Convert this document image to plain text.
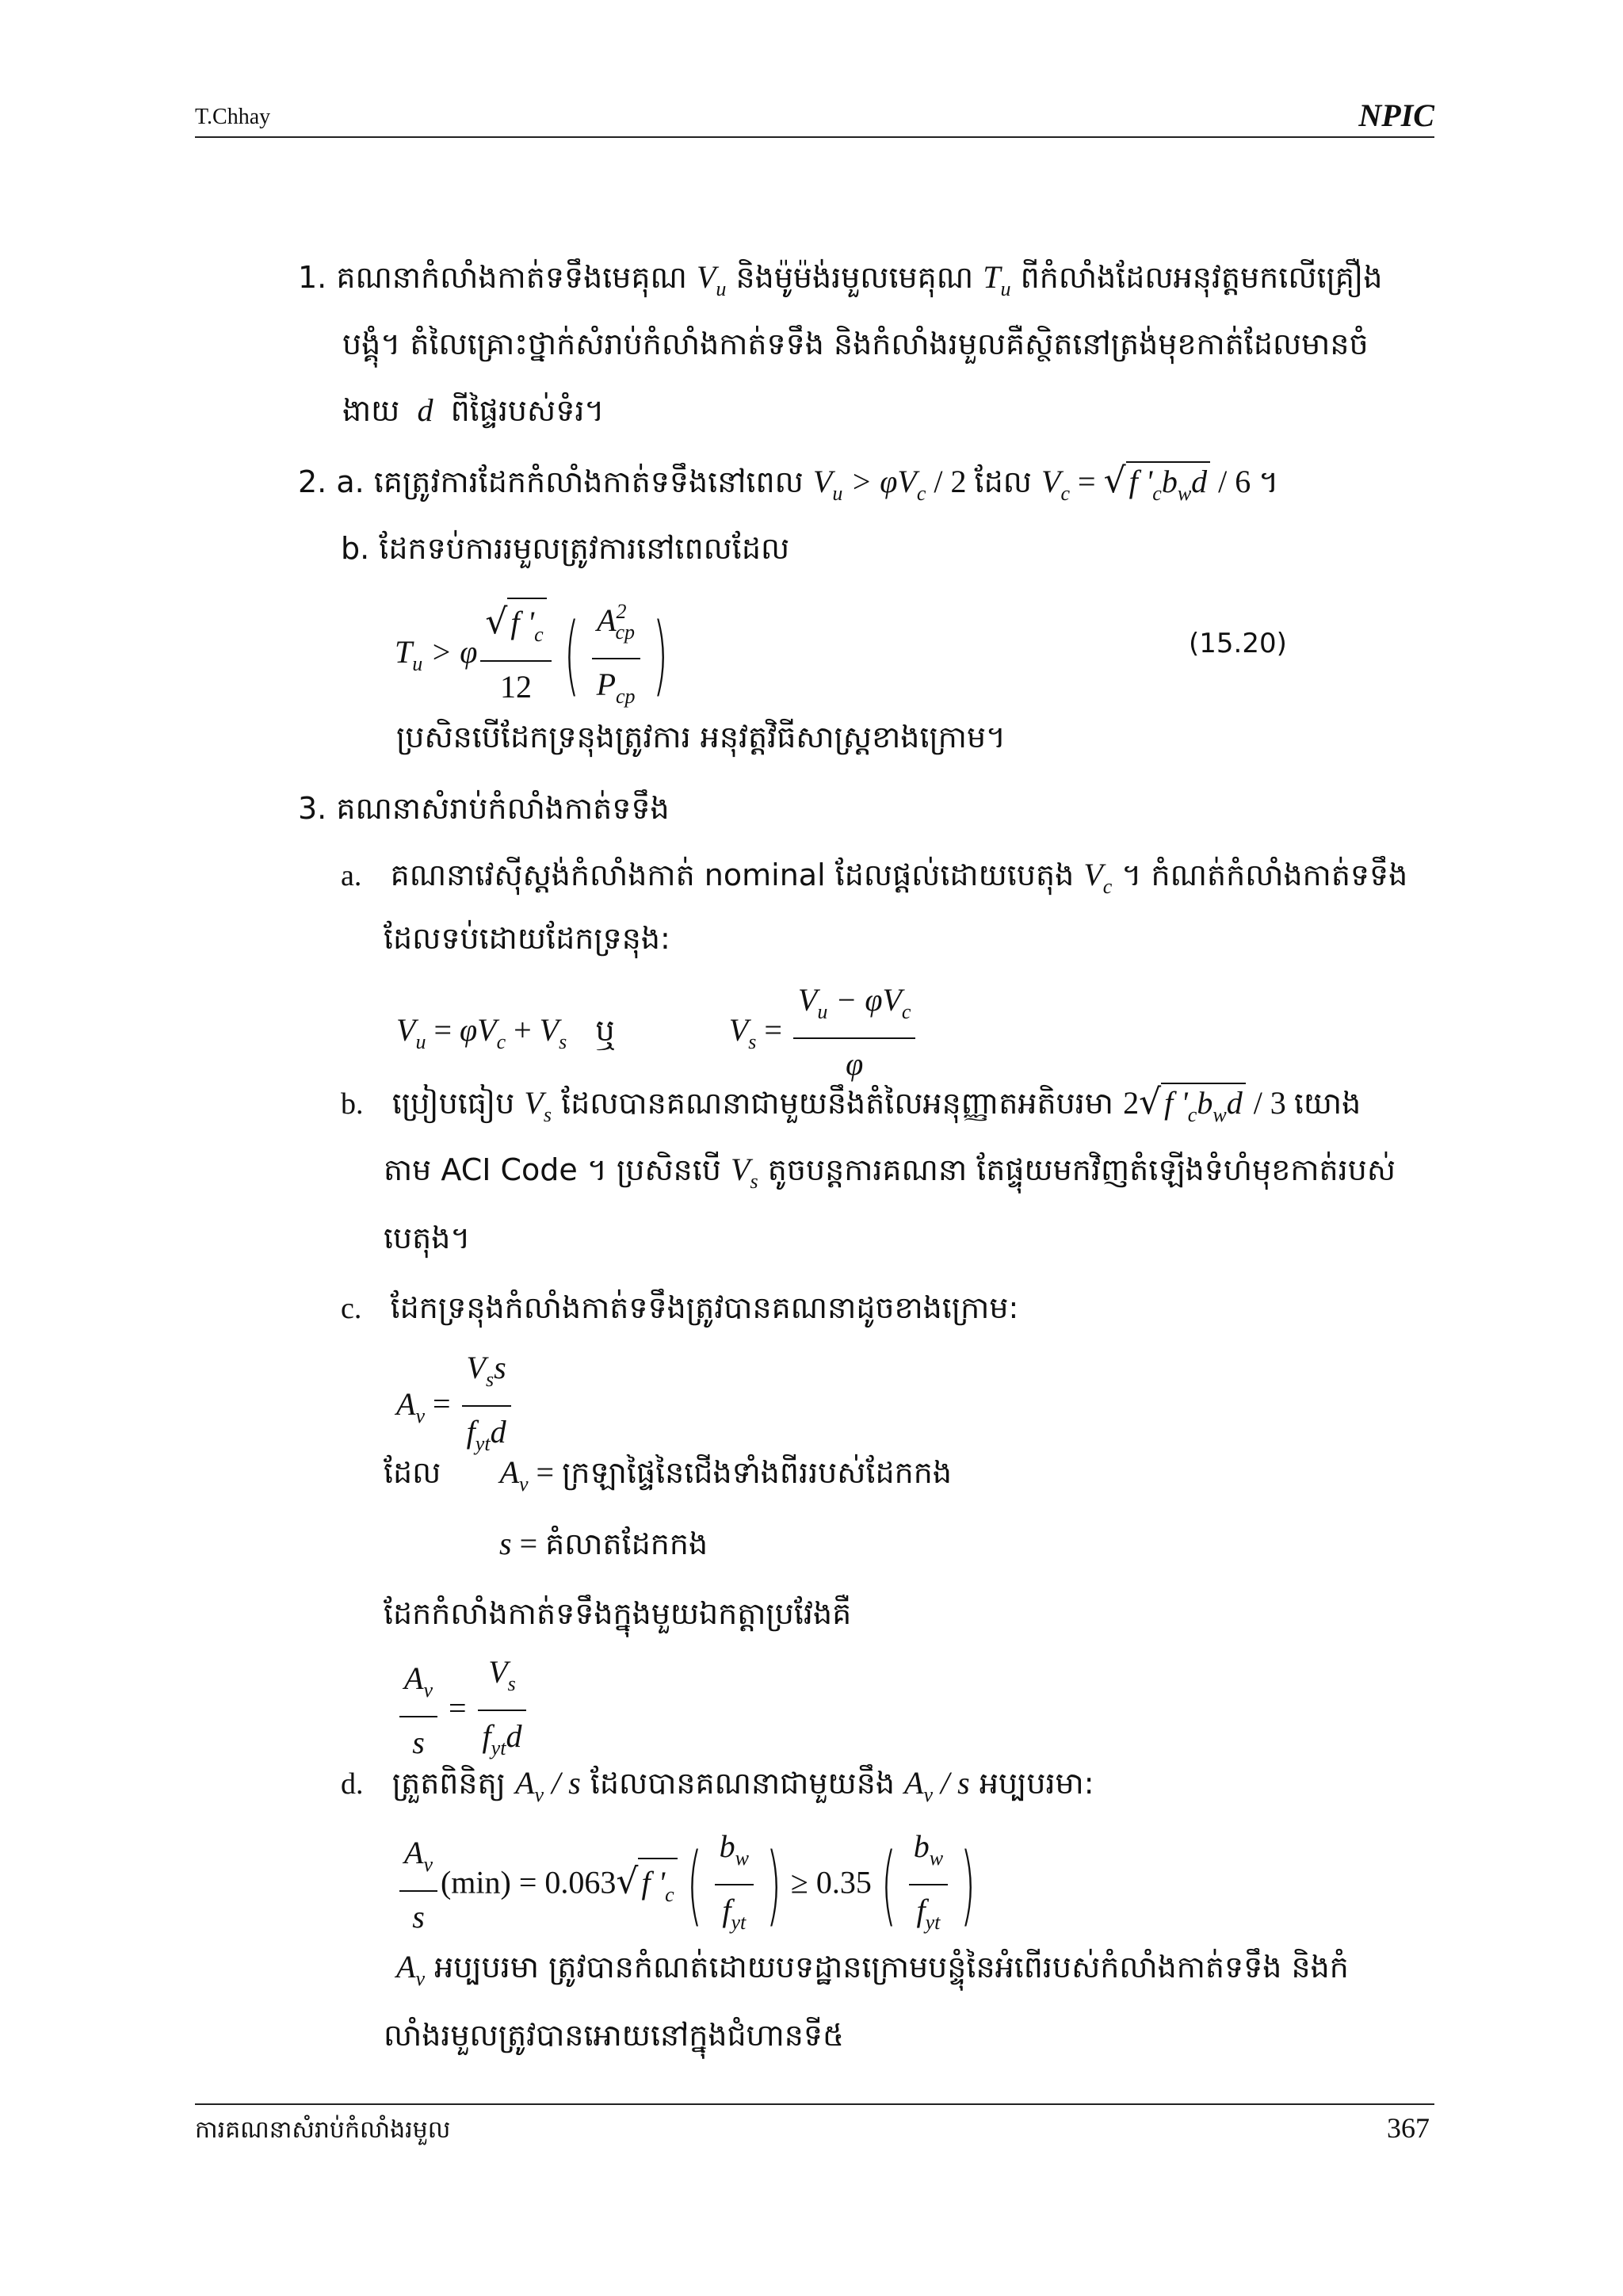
T.Chhay	NPIC
1. គណនាកំលាំងកាត់ទទឹងមេគុណ $V_u$ និងម៉ូម៉ង់រមួលមេគុណ $T_u$ ពីកំលាំងដែលអនុវត្តមកលើគ្រឿង
បង្គុំ។ តំលៃគ្រោះថ្នាក់សំរាប់កំលាំងកាត់ទទឹង និងកំលាំងរមួលគឺស្ថិតនៅត្រង់មុខកាត់ដែលមានចំ
ងាយ  d  ពីផ្ទៃរបស់ទំរ។
2. a. គេត្រូវការដែកកំលាំងកាត់ទទឹងនៅពេល $V_u > \varphi V_c / 2$ ដែល $V_c$ = √ f '$_cb_wd / 6$ ។
b. ដែកទប់ការរមួលត្រូវការនៅពេលដែល
$T_u > \varphi \frac{√ f '_c}{12}$ ( $\frac{A^2_{cp}}{P_{cp}}$ )	(15.20)
ប្រសិនបើដែកទ្រនុងត្រូវការ អនុវត្តវិធីសាស្ត្រខាងក្រោម។
3. គណនាសំរាប់កំលាំងកាត់ទទឹង
a. គណនាវេស៊ីស្តង់កំលាំងកាត់ nominal ដែលផ្តល់ដោយបេតុង $V_c$ ។ កំណត់កំលាំងកាត់ទទឹង
ដែលទប់ដោយដែកទ្រនុង:
$V_u = \varphi V_c + V_s$ ឬ	$V_s = \frac{V_u - \varphi V_c}{\varphi}$
b. ប្រៀបធៀប $V_s$ ដែលបានគណនាជាមួយនឹងតំលៃអនុញ្ញាតអតិបរមា 2√ f '$_cb_wd / 3$ យោង
តាម ACI Code ។ ប្រសិនបើ $V_s$ តូចបន្តការគណនា តែផ្ទុយមកវិញតំឡើងទំហំមុខកាត់របស់
បេតុង។
c. ដែកទ្រនុងកំលាំងកាត់ទទឹងត្រូវបានគណនាដូចខាងក្រោម:
$A_v = \frac{V_ss}{f_{yt}d}$
ដែល $A_v$ = ក្រឡាផ្ទៃនៃជើងទាំងពីររបស់ដែកកង
s = គំលាតដែកកង
ដែកកំលាំងកាត់ទទឹងក្នុងមួយឯកត្តាប្រវែងគឺ
$\frac{A_v}{s} = \frac{V_s}{f_{yt}d}$
d. ត្រួតពិនិត្យ $A_v$ / s ដែលបានគណនាជាមួយនឹង $A_v$ / s អប្បបរមា:
$\frac{A_v}{s} (\min) = 0.063√$ f '$_c$ ( $\frac{b_w}{f_{yt}}$ ) ≥ 0.35 ( $\frac{b_w}{f_{yt}}$ )
$A_v$ អប្បបរមា ត្រូវបានកំណត់ដោយបទដ្ឋានក្រោមបន្ទុំនៃអំពើរបស់កំលាំងកាត់ទទឹង និងកំ
លាំងរមួលត្រូវបានអោយនៅក្នុងជំហានទី៥
ការគណនាសំរាប់កំលាំងរមួល	367
